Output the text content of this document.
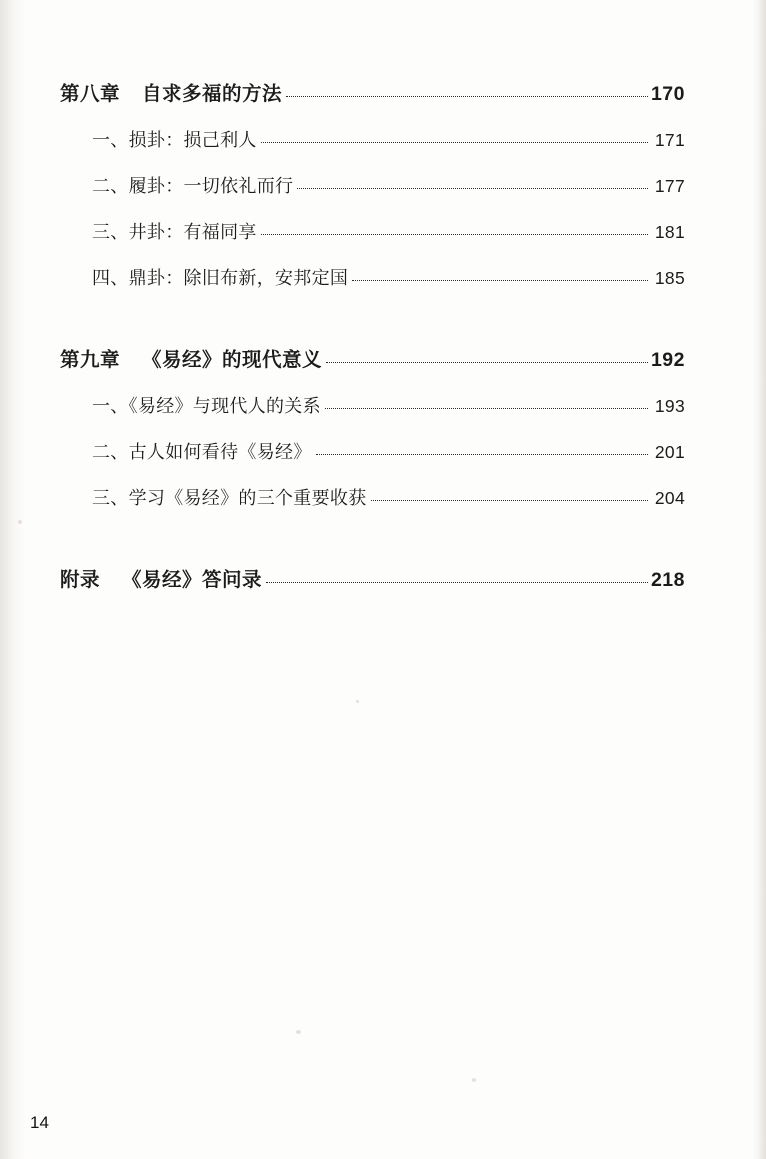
第八章 自求多福的方法	170
一、损卦：损己利人	171
二、履卦：一切依礼而行	177
三、井卦：有福同享	181
四、鼎卦：除旧布新，安邦定国	185
第九章 《易经》的现代意义	192
一、《易经》与现代人的关系	193
二、古人如何看待《易经》	201
三、学习《易经》的三个重要收获	204
附录 《易经》答问录	218
14
